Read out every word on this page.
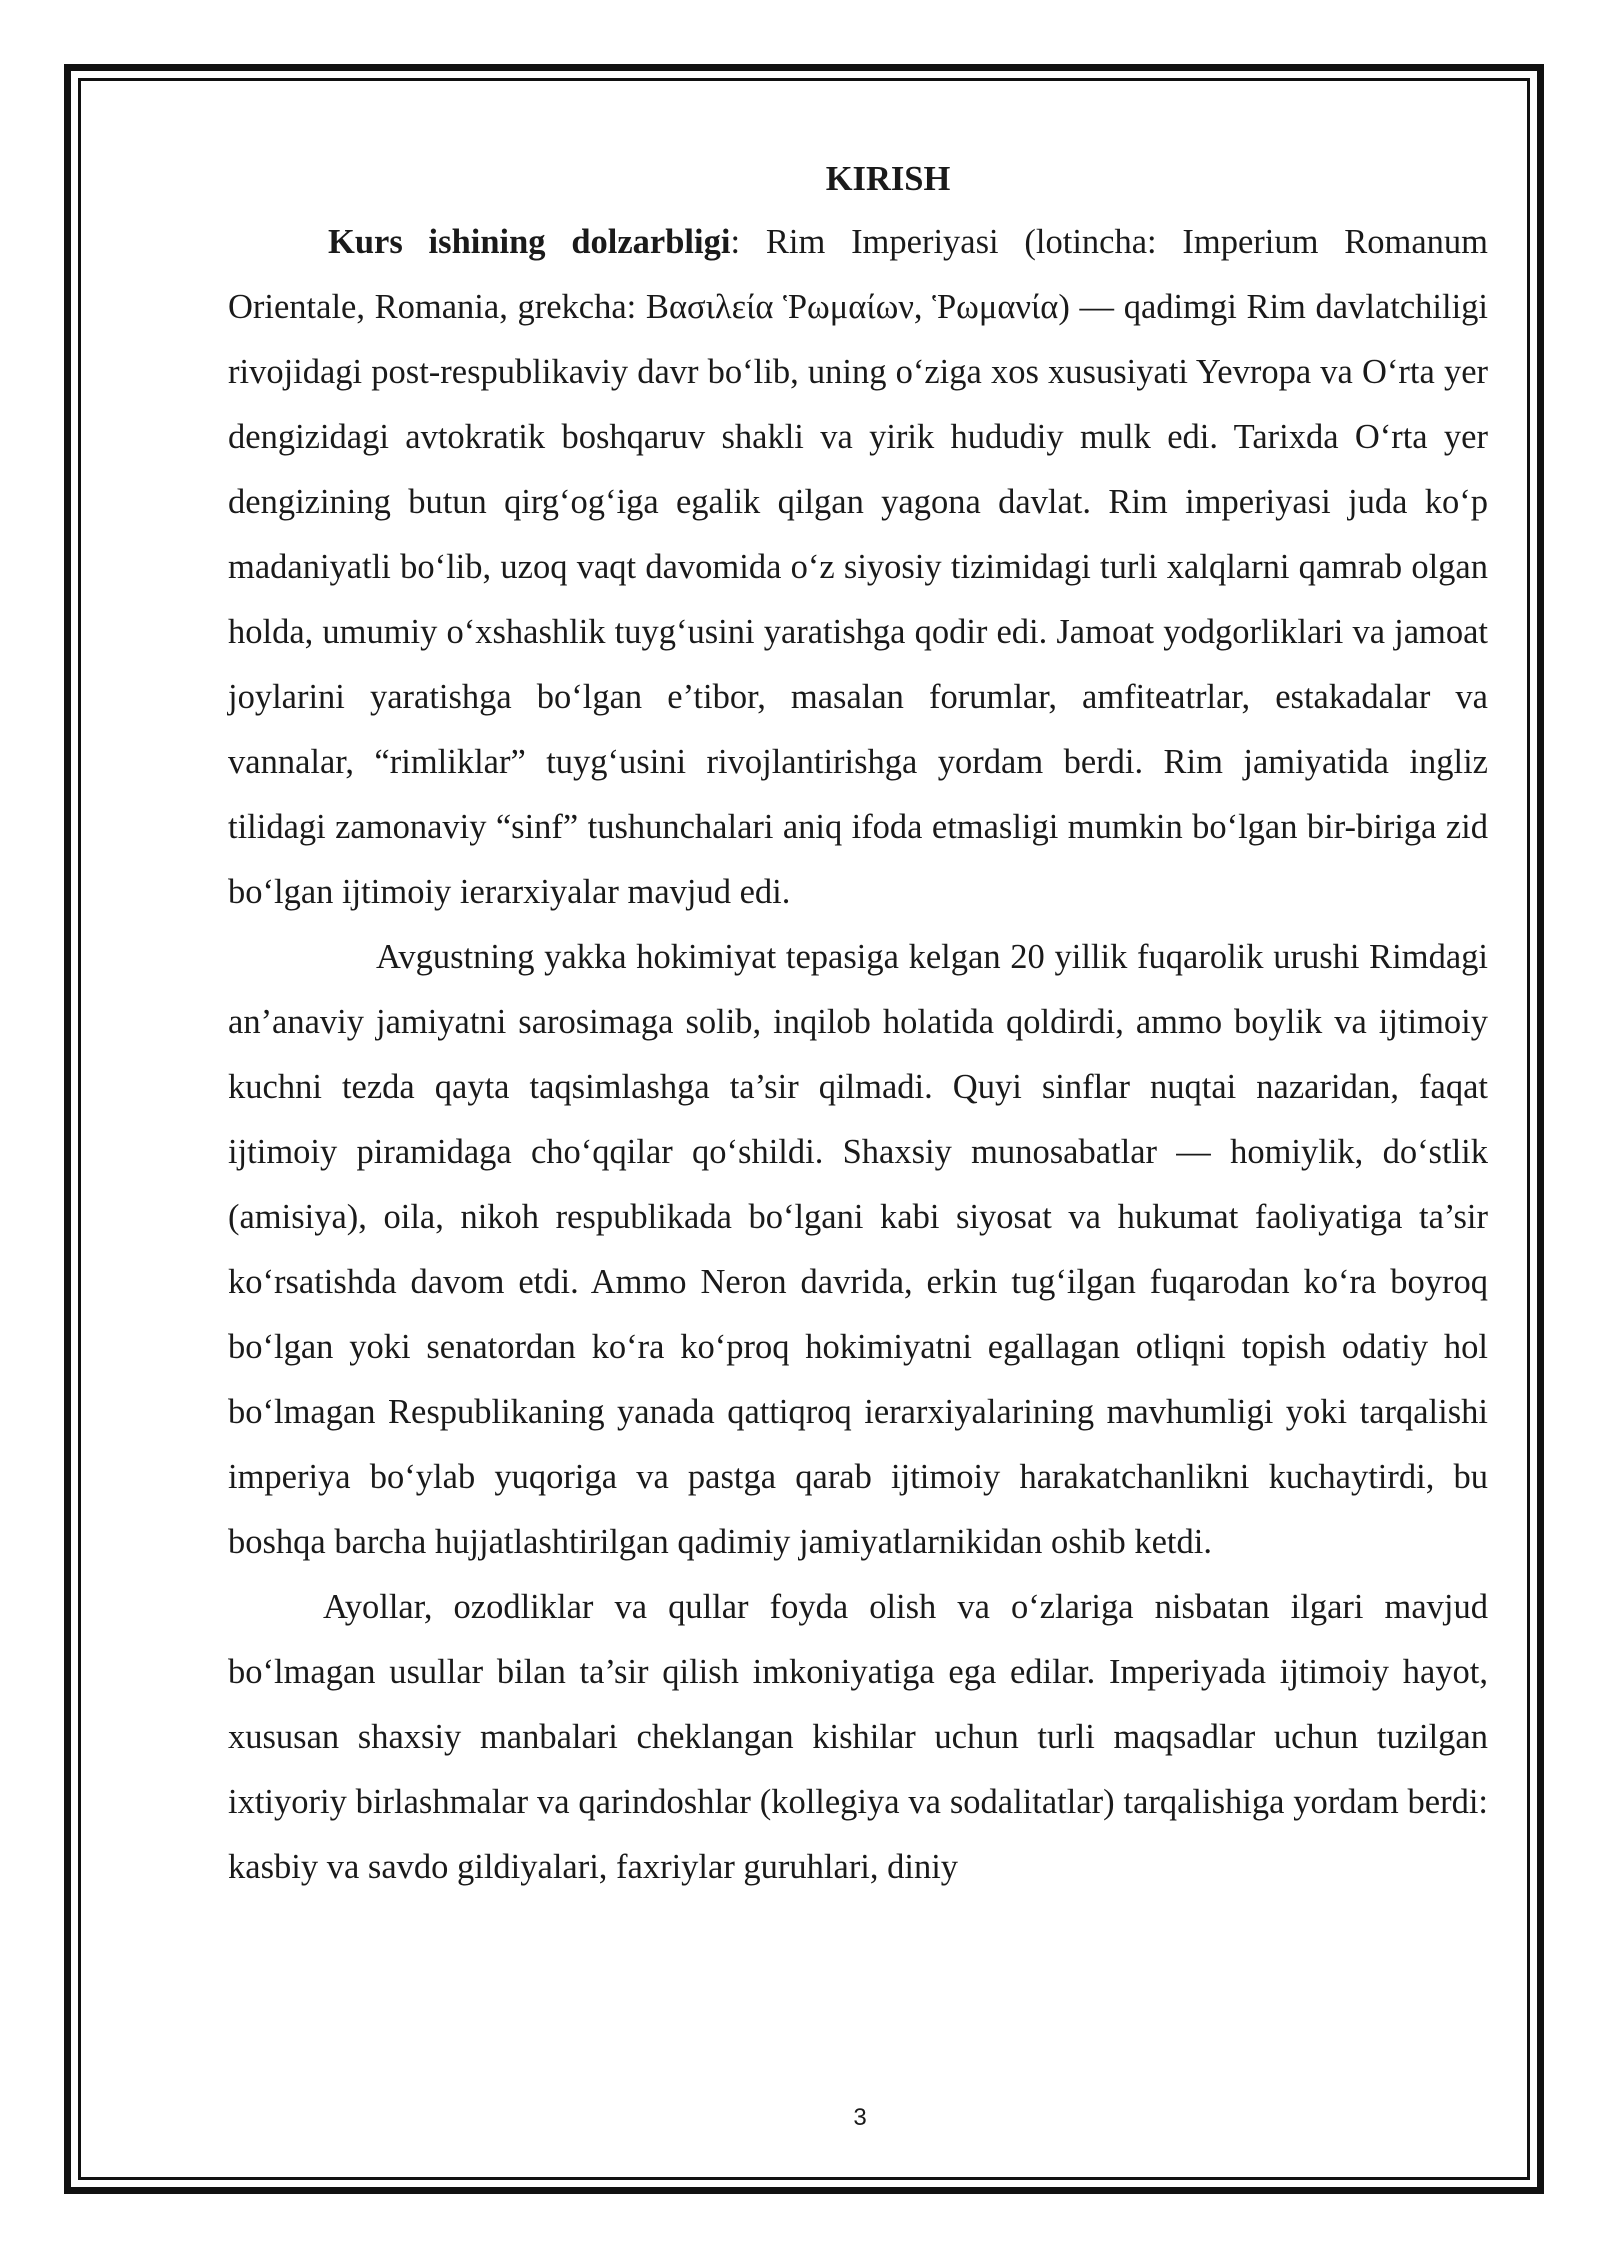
KIRISH

Kurs ishining dolzarbligi: Rim Imperiyasi (lotincha: Imperium Romanum Orientale, Romania, grekcha: Βασιλεία Ῥωμαίων, Ῥωμανία) — qadimgi Rim davlatchiligi rivojidagi post-respublikaviy davr boʻlib, uning oʻziga xos xususiyati Yevropa va Oʻrta yer dengizidagi avtokratik boshqaruv shakli va yirik hududiy mulk edi. Tarixda Oʻrta yer dengizining butun qirgʻogʻiga egalik qilgan yagona davlat. Rim imperiyasi juda koʻp madaniyatli boʻlib, uzoq vaqt davomida oʻz siyosiy tizimidagi turli xalqlarni qamrab olgan holda, umumiy oʻxshashlik tuygʻusini yaratishga qodir edi. Jamoat yodgorliklari va jamoat joylarini yaratishga boʻlgan e’tibor, masalan forumlar, amfiteatrlar, estakadalar va vannalar, “rimliklar” tuygʻusini rivojlantirishga yordam berdi. Rim jamiyatida ingliz tilidagi zamonaviy “sinf” tushunchalari aniq ifoda etmasligi mumkin boʻlgan bir-biriga zid boʻlgan ijtimoiy ierarxiyalar mavjud edi.

Avgustning yakka hokimiyat tepasiga kelgan 20 yillik fuqarolik urushi Rimdagi an’anaviy jamiyatni sarosimaga solib, inqilob holatida qoldirdi, ammo boylik va ijtimoiy kuchni tezda qayta taqsimlashga ta’sir qilmadi. Quyi sinflar nuqtai nazaridan, faqat ijtimoiy piramidaga choʻqqilar qoʻshildi. Shaxsiy munosabatlar — homiylik, doʻstlik (amisiya), oila, nikoh respublikada boʻlgani kabi siyosat va hukumat faoliyatiga ta’sir koʻrsatishda davom etdi. Ammo Neron davrida, erkin tugʻilgan fuqarodan koʻra boyroq boʻlgan yoki senatordan koʻra koʻproq hokimiyatni egallagan otliqni topish odatiy hol boʻlmagan Respublikaning yanada qattiqroq ierarxiyalarining mavhumligi yoki tarqalishi imperiya boʻylab yuqoriga va pastga qarab ijtimoiy harakatchanlikni kuchaytirdi, bu boshqa barcha hujjatlashtirilgan qadimiy jamiyatlarnikidan oshib ketdi.

Ayollar, ozodliklar va qullar foyda olish va oʻzlariga nisbatan ilgari mavjud boʻlmagan usullar bilan ta’sir qilish imkoniyatiga ega edilar. Imperiyada ijtimoiy hayot, xususan shaxsiy manbalari cheklangan kishilar uchun turli maqsadlar uchun tuzilgan ixtiyoriy birlashmalar va qarindoshlar (kollegiya va sodalitatlar) tarqalishiga yordam berdi: kasbiy va savdo gildiyalari, faxriylar guruhlari, diniy

3
